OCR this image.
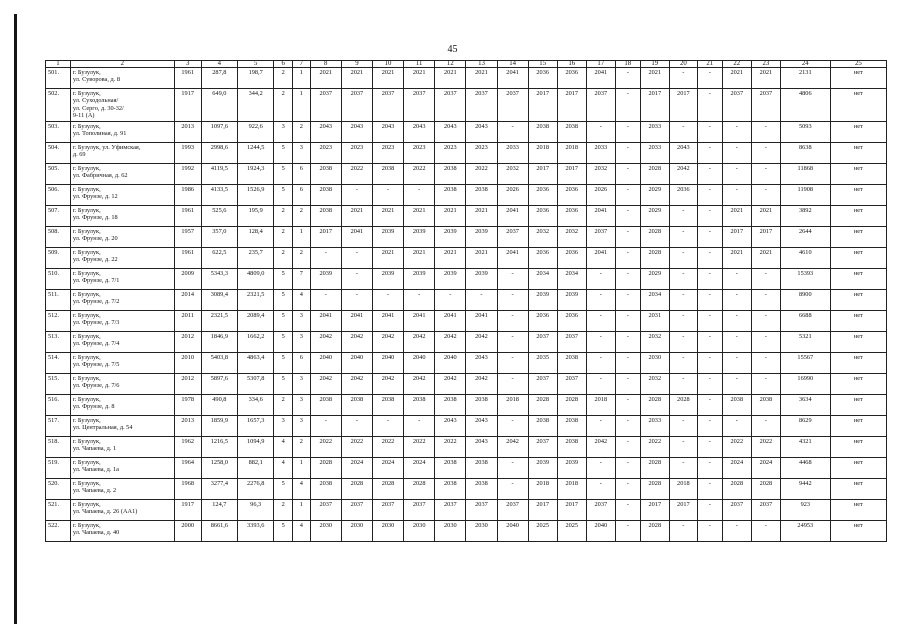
45
1	2	3	4	5	6	7	8	9	10	11	12	13	14	15	16	17	18	19	20	21	22	23	24	25
501.	г. Бузулук,
ул. Суворова, д. 8	1961	287,8	198,7	2	1	2021	2021	2021	2021	2021	2021	2041	2036	2036	2041	-	2021	-	-	2021	2021	2131	нет
502.	г. Бузулук,
ул. Суходольная/
ул. Серго, д. 30-32/
9-11 (А)	1917	649,0	344,2	2	1	2037	2037	2037	2037	2037	2037	2037	2017	2017	2037	-	2017	2017	-	2037	2037	4806	нет
503.	г. Бузулук,
ул. Тополиная, д. 91	2013	1097,6	922,6	3	2	2043	2043	2043	2043	2043	2043	-	2038	2038	-	-	2033	-	-	-	-	5093	нет
504.	г. Бузулук, ул. Уфимская,
д. 69	1993	2998,6	1244,5	5	3	2023	2023	2023	2023	2023	2023	2033	2018	2018	2033	-	2033	2043	-	-	-	8638	нет
505.	г. Бузулук,
ул. Фабричная, д. 62	1992	4119,5	1924,3	5	6	2038	2022	2038	2022	2038	2022	2032	2017	2017	2032	-	2028	2042	-	-	-	11868	нет
506.	г. Бузулук,
ул. Фрунзе, д. 12	1986	4133,5	1526,9	5	6	2038	-	-	-	2038	2038	2026	2036	2036	2026	-	2029	2036	-	-	-	11908	нет
507.	г. Бузулук,
ул. Фрунзе, д. 18	1961	525,6	195,9	2	2	2038	2021	2021	2021	2021	2021	2041	2036	2036	2041	-	2029	-	-	2021	2021	3892	нет
508.	г. Бузулук,
ул. Фрунзе, д. 20	1957	357,0	128,4	2	1	2017	2041	2039	2039	2039	2039	2037	2032	2032	2037	-	2028	-	-	2017	2017	2644	нет
509.	г. Бузулук,
ул. Фрунзе, д. 22	1961	622,5	235,7	2	2	-	-	2021	2021	2021	2021	2041	2036	2036	2041	-	2028	-	-	2021	2021	4610	нет
510.	г. Бузулук,
ул. Фрунзе, д. 7/1	2009	5343,3	4809,0	5	7	2039	-	2039	2039	2039	2039	-	2034	2034	-	-	2029	-	-	-	-	15393	нет
511.	г. Бузулук,
ул. Фрунзе, д. 7/2	2014	3089,4	2321,5	5	4	-	-	-	-	-	-	-	2039	2039	-	-	2034	-	-	-	-	8900	нет
512.	г. Бузулук,
ул. Фрунзе, д. 7/3	2011	2321,5	2089,4	5	3	2041	2041	2041	2041	2041	2041	-	2036	2036	-	-	2031	-	-	-	-	6688	нет
513.	г. Бузулук,
ул. Фрунзе, д. 7/4	2012	1846,9	1662,2	5	3	2042	2042	2042	2042	2042	2042	-	2037	2037	-	-	2032	-	-	-	-	5321	нет
514.	г. Бузулук,
ул. Фрунзе, д. 7/5	2010	5403,8	4863,4	5	6	2040	2040	2040	2040	2040	2043	-	2035	2038	-	-	2030	-	-	-	-	15567	нет
515.	г. Бузулук,
ул. Фрунзе, д. 7/6	2012	5897,6	5307,8	5	3	2042	2042	2042	2042	2042	2042	-	2037	2037	-	-	2032	-	-	-	-	16990	нет
516.	г. Бузулук,
ул. Фрунзе, д. 8	1978	490,8	334,6	2	3	2038	2038	2038	2038	2038	2038	2018	2028	2028	2018	-	2028	2028	-	2038	2038	3634	нет
517.	г. Бузулук,
ул. Центральная, д. 54	2013	1859,9	1657,3	3	3	-	-	-	-	2043	2043	-	2038	2038	-	-	2033	-	-	-	-	8629	нет
518.	г. Бузулук,
ул. Чапаева, д. 1	1962	1216,5	1094,9	4	2	2022	2022	2022	2022	2022	2043	2042	2037	2038	2042	-	2022	-	-	2022	2022	4321	нет
519.	г. Бузулук,
ул. Чапаева, д. 1а	1964	1258,0	882,1	4	1	2028	2024	2024	2024	2038	2038	-	2039	2039	-	-	2028	-	-	2024	2024	4468	нет
520.	г. Бузулук,
ул. Чапаева, д. 2	1968	3277,4	2276,8	5	4	2038	2028	2028	2028	2038	2038	-	2018	2018	-	-	2028	2018	-	2028	2028	9442	нет
521.	г. Бузулук,
ул. Чапаева, д. 26 (АА1)	1917	124,7	96,3	2	1	2037	2037	2037	2037	2037	2037	2037	2017	2017	2037	-	2017	2017	-	2037	2037	923	нет
522.	г. Бузулук,
ул. Чапаева, д. 40	2000	8661,6	3393,6	5	4	2030	2030	2030	2030	2030	2030	2040	2025	2025	2040	-	2028	-	-	-	-	24953	нет
